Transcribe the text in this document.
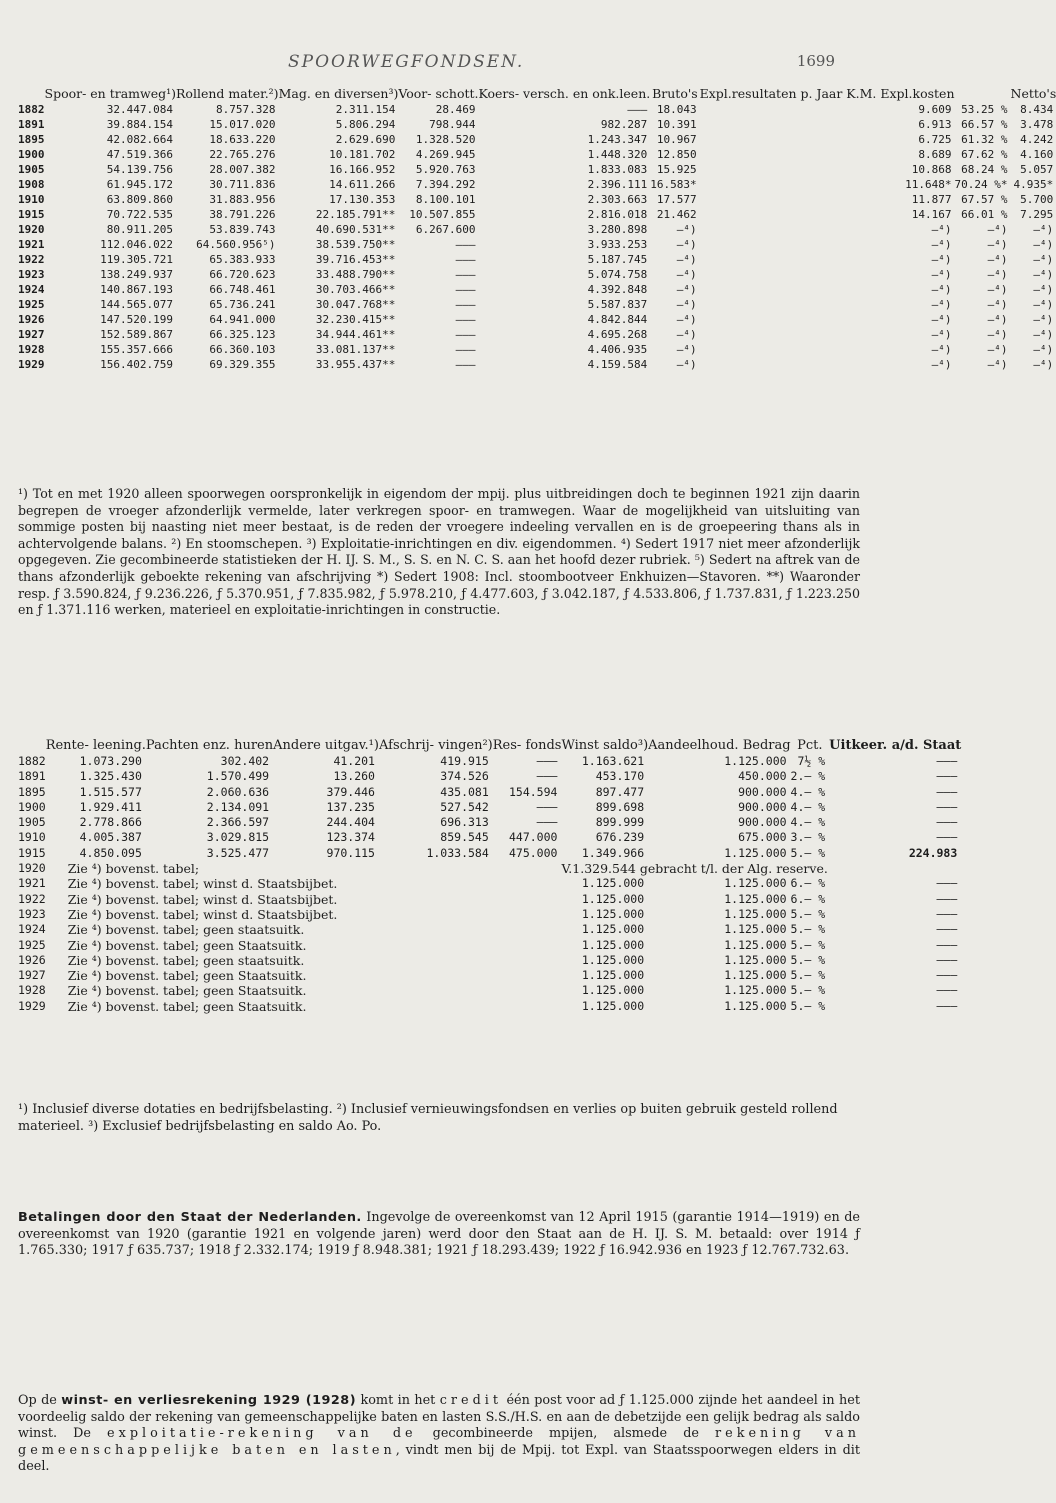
SPOORWEGFONDSEN.	1699
	Spoor- en tramweg¹)	Rollend mater.²)	Mag. en diversen³)	Voor- schott.	Koers- versch. en onk.leen.	Bruto's	Expl.resultaten p. Jaar K.M. Expl.kosten		Netto's
1882	32.447.084	8.757.328	2.311.154	28.469	———	18.043	9.609	53.25 %	8.434
1891	39.884.154	15.017.020	5.806.294	798.944	982.287	10.391	6.913	66.57 %	3.478
1895	42.082.664	18.633.220	2.629.690	1.328.520	1.243.347	10.967	6.725	61.32 %	4.242
1900	47.519.366	22.765.276	10.181.702	4.269.945	1.448.320	12.850	8.689	67.62 %	4.160
1905	54.139.756	28.007.382	16.166.952	5.920.763	1.833.083	15.925	10.868	68.24 %	5.057
1908	61.945.172	30.711.836	14.611.266	7.394.292	2.396.111	16.583*	11.648*	70.24 %*	4.935*
1910	63.809.860	31.883.956	17.130.353	8.100.101	2.303.663	17.577	11.877	67.57 %	5.700
1915	70.722.535	38.791.226	22.185.791**	10.507.855	2.816.018	21.462	14.167	66.01 %	7.295
1920	80.911.205	53.839.743	40.690.531**	6.267.600	3.280.898	—⁴)	—⁴)	—⁴)	—⁴)
1921	112.046.022	64.560.956⁵)	38.539.750**	———	3.933.253	—⁴)	—⁴)	—⁴)	—⁴)
1922	119.305.721	65.383.933	39.716.453**	———	5.187.745	—⁴)	—⁴)	—⁴)	—⁴)
1923	138.249.937	66.720.623	33.488.790**	———	5.074.758	—⁴)	—⁴)	—⁴)	—⁴)
1924	140.867.193	66.748.461	30.703.466**	———	4.392.848	—⁴)	—⁴)	—⁴)	—⁴)
1925	144.565.077	65.736.241	30.047.768**	———	5.587.837	—⁴)	—⁴)	—⁴)	—⁴)
1926	147.520.199	64.941.000	32.230.415**	———	4.842.844	—⁴)	—⁴)	—⁴)	—⁴)
1927	152.589.867	66.325.123	34.944.461**	———	4.695.268	—⁴)	—⁴)	—⁴)	—⁴)
1928	155.357.666	66.360.103	33.081.137**	———	4.406.935	—⁴)	—⁴)	—⁴)	—⁴)
1929	156.402.759	69.329.355	33.955.437**	———	4.159.584	—⁴)	—⁴)	—⁴)	—⁴)

¹) Tot en met 1920 alleen spoorwegen oorspronkelijk in eigendom der mpij. plus uitbreidingen doch te beginnen 1921 zijn daarin begrepen de vroeger afzonderlijk vermelde, later verkregen spoor- en tramwegen. Waar de mogelijkheid van uitsluiting van sommige posten bij naasting niet meer bestaat, is de reden der vroegere indeeling vervallen en is de groepeering thans als in achtervolgende balans. ²) En stoomschepen. ³) Exploitatie-inrichtingen en div. eigendommen. ⁴) Sedert 1917 niet meer afzonderlijk opgegeven. Zie gecombineerde statistieken der H. IJ. S. M., S. S. en N. C. S. aan het hoofd dezer rubriek. ⁵) Sedert na aftrek van de thans afzonderlijk geboekte rekening van afschrijving *) Sedert 1908: Incl. stoombootveer Enkhuizen—Stavoren. **) Waaronder resp. ƒ 3.590.824, ƒ 9.236.226, ƒ 5.370.951, ƒ 7.835.982, ƒ 5.978.210, ƒ 4.477.603, ƒ 3.042.187, ƒ 4.533.806, ƒ 1.737.831, ƒ 1.223.250 en ƒ 1.371.116 werken, materieel en exploitatie-inrichtingen in constructie.

	Rente- leening.	Pachten enz. huren	Andere uitgav.¹)	Afschrij- vingen²)	Res- fonds	Winst saldo³)	Aandeelhoud. Bedrag	Pct.	Uitkeer. a/d. Staat
1882	1.073.290	302.402	41.201	419.915	———	1.163.621	1.125.000	7½ %	———
1891	1.325.430	1.570.499	13.260	374.526	———	453.170	450.000	2.— %	———
1895	1.515.577	2.060.636	379.446	435.081	154.594	897.477	900.000	4.— %	———
1900	1.929.411	2.134.091	137.235	527.542	———	899.698	900.000	4.— %	———
1905	2.778.866	2.366.597	244.404	696.313	———	899.999	900.000	4.— %	———
1910	4.005.387	3.029.815	123.374	859.545	447.000	676.239	675.000	3.— %	———
1915	4.850.095	3.525.477	970.115	1.033.584	475.000	1.349.966	1.125.000	5.— %	224.983
1920	Zie ⁴) bovenst. tabel;					V.1.329.544 gebracht t/l. der Alg. reserve.			
1921	Zie ⁴) bovenst. tabel; winst d. Staatsbijbet.					1.125.000	1.125.000	6.— %	———
1922	Zie ⁴) bovenst. tabel; winst d. Staatsbijbet.					1.125.000	1.125.000	6.— %	———
1923	Zie ⁴) bovenst. tabel; winst d. Staatsbijbet.					1.125.000	1.125.000	5.— %	———
1924	Zie ⁴) bovenst. tabel; geen staatsuitk.					1.125.000	1.125.000	5.— %	———
1925	Zie ⁴) bovenst. tabel; geen Staatsuitk.					1.125.000	1.125.000	5.— %	———
1926	Zie ⁴) bovenst. tabel; geen staatsuitk.					1.125.000	1.125.000	5.— %	———
1927	Zie ⁴) bovenst. tabel; geen Staatsuitk.					1.125.000	1.125.000	5.— %	———
1928	Zie ⁴) bovenst. tabel; geen Staatsuitk.					1.125.000	1.125.000	5.— %	———
1929	Zie ⁴) bovenst. tabel; geen Staatsuitk.					1.125.000	1.125.000	5.— %	———

¹) Inclusief diverse dotaties en bedrijfsbelasting. ²) Inclusief vernieuwingsfondsen en verlies op buiten gebruik gesteld rollend materieel. ³) Exclusief bedrijfsbelasting en saldo Ao. Po.

Betalingen door den Staat der Nederlanden. Ingevolge de overeenkomst van 12 April 1915 (garantie 1914—1919) en de overeenkomst van 1920 (garantie 1921 en volgende jaren) werd door den Staat aan de H. IJ. S. M. betaald: over 1914 ƒ 1.765.330; 1917 ƒ 635.737; 1918 ƒ 2.332.174; 1919 ƒ 8.948.381; 1921 ƒ 18.293.439; 1922 ƒ 16.942.936 en 1923 ƒ 12.767.732.63.

Op de winst- en verliesrekening 1929 (1928) komt in het credit één post voor ad ƒ 1.125.000 zijnde het aandeel in het voordeelig saldo der rekening van gemeenschappelijke baten en lasten S.S./H.S. en aan de debetzijde een gelijk bedrag als saldo winst. De exploitatie-rekening van de gecombineerde mpijen, alsmede de rekening van gemeenschappelijke baten en lasten, vindt men bij de Mpij. tot Expl. van Staatsspoorwegen elders in dit deel.
